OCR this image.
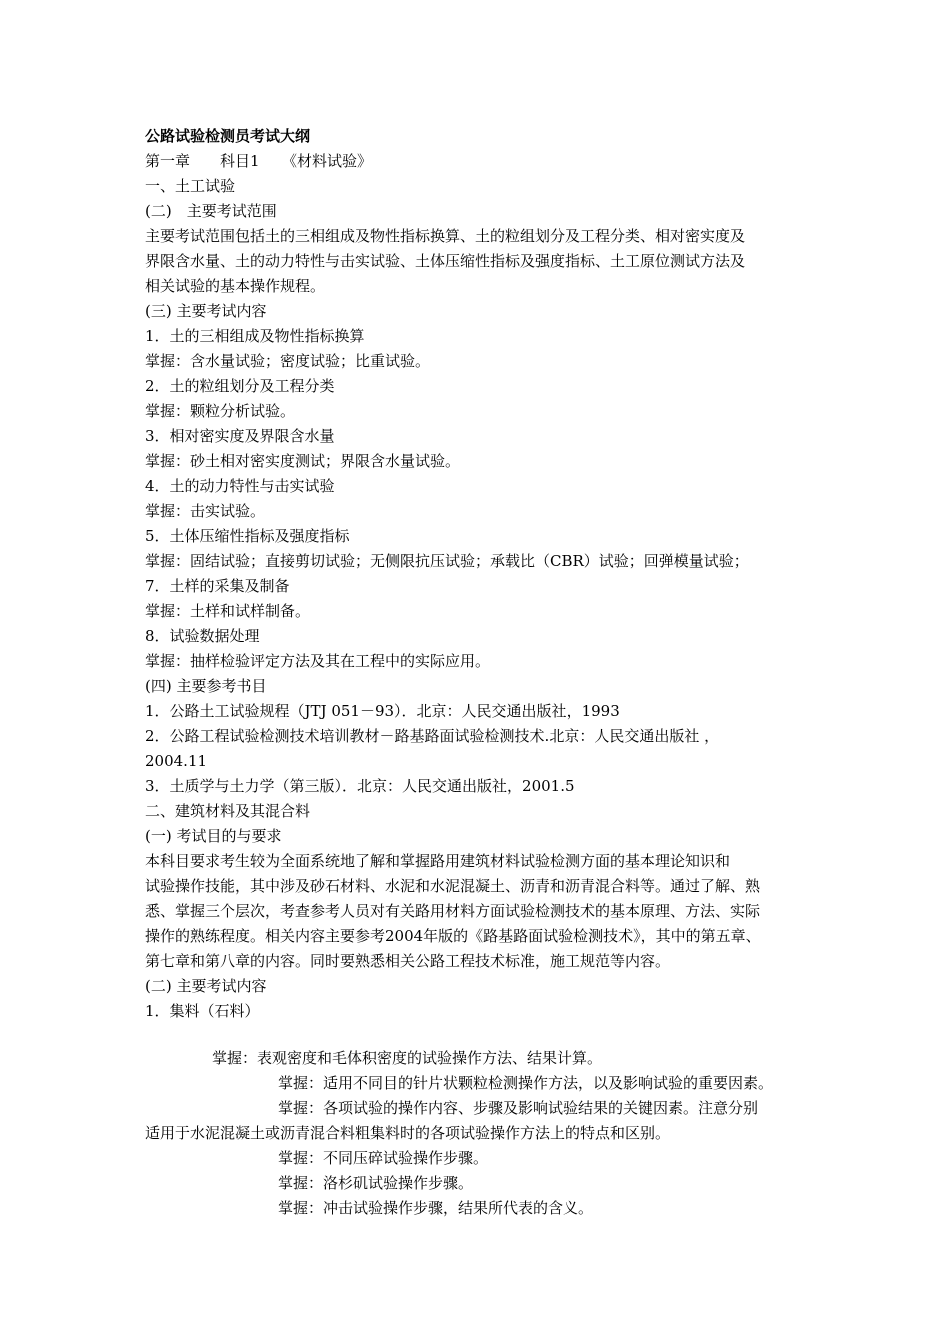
公路试验检测员考试大纲
第一章　　科目1　　《材料试验》
一、土工试验
(二)　主要考试范围
主要考试范围包括土的三相组成及物性指标换算、土的粒组划分及工程分类、相对密实度及
界限含水量、土的动力特性与击实试验、土体压缩性指标及强度指标、土工原位测试方法及
相关试验的基本操作规程。
(三) 主要考试内容
1．土的三相组成及物性指标换算
掌握：含水量试验；密度试验；比重试验。
2．土的粒组划分及工程分类
掌握：颗粒分析试验。
3．相对密实度及界限含水量
掌握：砂土相对密实度测试；界限含水量试验。
4．土的动力特性与击实试验
掌握：击实试验。
5．土体压缩性指标及强度指标
掌握：固结试验；直接剪切试验；无侧限抗压试验；承载比（CBR）试验；回弹模量试验；
7．土样的采集及制备
掌握：土样和试样制备。
8．试验数据处理
掌握：抽样检验评定方法及其在工程中的实际应用。
(四) 主要参考书目
1．公路土工试验规程（JTJ 051－93）．北京：人民交通出版社，1993
2．公路工程试验检测技术培训教材－路基路面试验检测技术.北京：人民交通出版社 ，
2004.11
3．土质学与土力学（第三版）．北京：人民交通出版社，2001.5
二、建筑材料及其混合料
(一) 考试目的与要求
本科目要求考生较为全面系统地了解和掌握路用建筑材料试验检测方面的基本理论知识和
试验操作技能，其中涉及砂石材料、水泥和水泥混凝土、沥青和沥青混合料等。通过了解、熟
悉、掌握三个层次，考查参考人员对有关路用材料方面试验检测技术的基本原理、方法、实际
操作的熟练程度。相关内容主要参考2004年版的《路基路面试验检测技术》，其中的第五章、
第七章和第八章的内容。同时要熟悉相关公路工程技术标准，施工规范等内容。
(二) 主要考试内容
1．集料（石料）
掌握：表观密度和毛体积密度的试验操作方法、结果计算。
掌握：适用不同目的针片状颗粒检测操作方法，以及影响试验的重要因素。
掌握：各项试验的操作内容、步骤及影响试验结果的关键因素。注意分别
适用于水泥混凝土或沥青混合料粗集料时的各项试验操作方法上的特点和区别。
掌握：不同压碎试验操作步骤。
掌握：洛杉矶试验操作步骤。
掌握：冲击试验操作步骤，结果所代表的含义。
